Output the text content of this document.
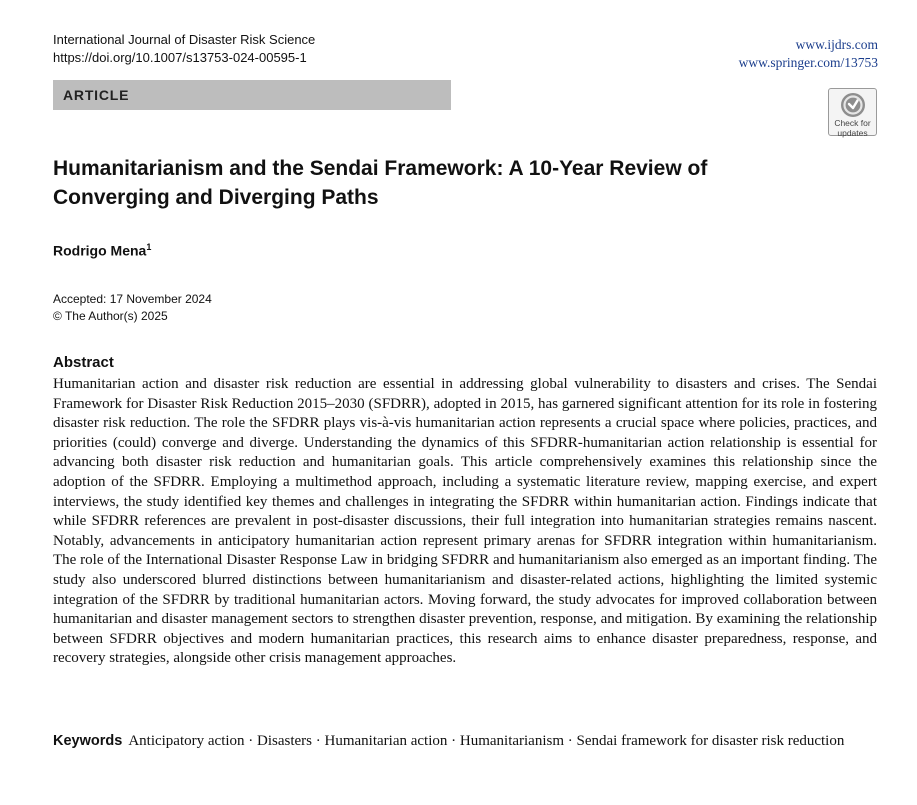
International Journal of Disaster Risk Science
https://doi.org/10.1007/s13753-024-00595-1
www.ijdrs.com
www.springer.com/13753
ARTICLE
Check for
updates
Humanitarianism and the Sendai Framework: A 10-Year Review of Converging and Diverging Paths
Rodrigo Mena$^1$
Accepted: 17 November 2024
© The Author(s) 2025
Abstract

Humanitarian action and disaster risk reduction are essential in addressing global vulnerability to disasters and crises. The Sendai Framework for Disaster Risk Reduction 2015–2030 (SFDRR), adopted in 2015, has garnered significant attention for its role in fostering disaster risk reduction. The role the SFDRR plays vis-à-vis humanitarian action represents a crucial space where policies, practices, and priorities (could) converge and diverge. Understanding the dynamics of this SFDRR-humanitarian action relationship is essential for advancing both disaster risk reduction and humanitarian goals. This article comprehensively examines this relationship since the adoption of the SFDRR. Employing a multimethod approach, including a systematic literature review, mapping exercise, and expert interviews, the study identified key themes and challenges in integrating the SFDRR within humanitarian action. Findings indicate that while SFDRR references are prevalent in post-disaster discussions, their full integration into humanitarian strategies remains nascent. Notably, advancements in anticipatory humanitarian action represent primary arenas for SFDRR integration within humanitarianism. The role of the International Disaster Response Law in bridging SFDRR and humanitarianism also emerged as an important finding. The study also underscored blurred distinctions between humanitarianism and disaster-related actions, highlighting the limited systemic integration of the SFDRR by traditional humanitarian actors. Moving forward, the study advocates for improved collaboration between humanitarian and disaster management sectors to strengthen disaster prevention, response, and mitigation. By examining the relationship between SFDRR objectives and modern humanitarian practices, this research aims to enhance disaster preparedness, response, and recovery strategies, alongside other crisis management approaches.

Keywords Anticipatory action · Disasters · Humanitarian action · Humanitarianism · Sendai framework for disaster risk reduction
